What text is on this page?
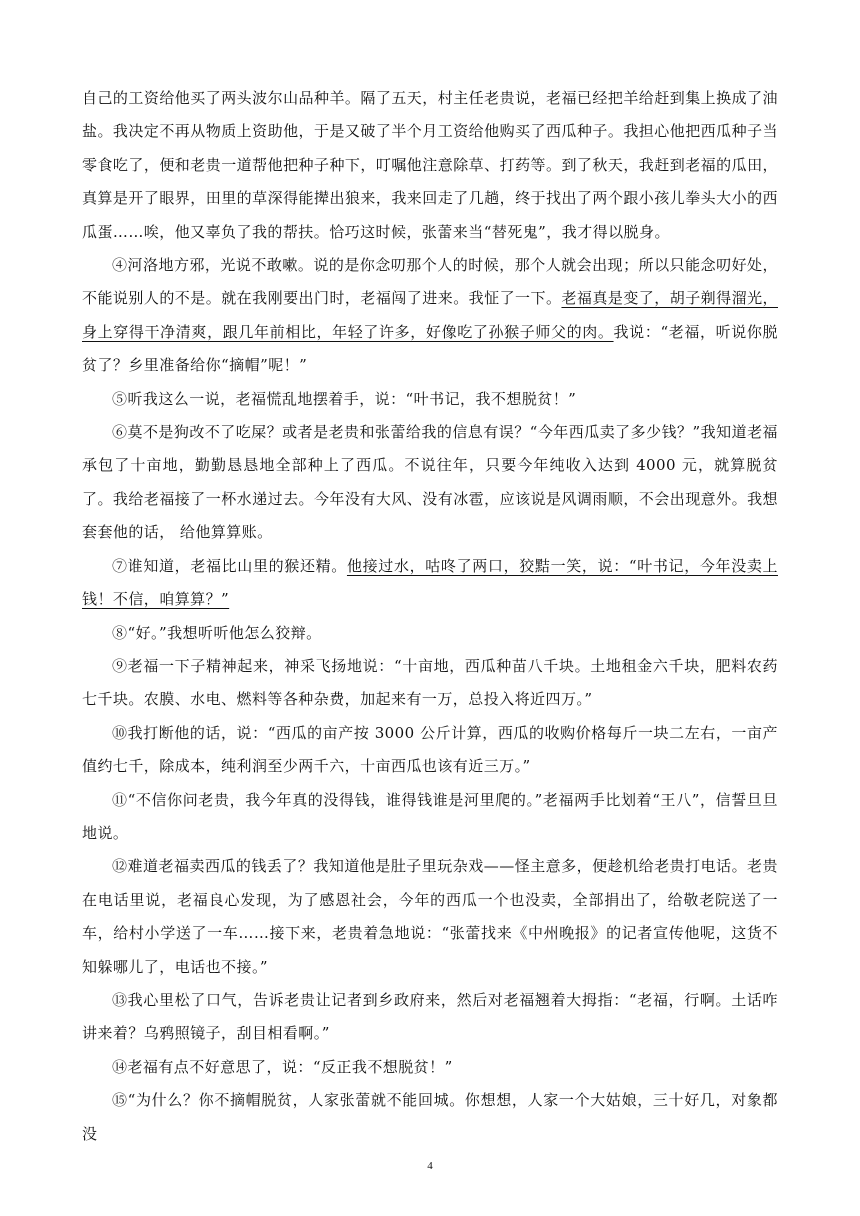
自己的工资给他买了两头波尔山品种羊。隔了五天，村主任老贵说，老福已经把羊给赶到集上换成了油盐。我决定不再从物质上资助他，于是又破了半个月工资给他购买了西瓜种子。我担心他把西瓜种子当零食吃了，便和老贵一道帮他把种子种下，叮嘱他注意除草、打药等。到了秋天，我赶到老福的瓜田，真算是开了眼界，田里的草深得能撵出狼来，我来回走了几趟，终于找出了两个跟小孩儿拳头大小的西瓜蛋……唉，他又辜负了我的帮扶。恰巧这时候，张蕾来当“替死鬼”，我才得以脱身。

④河洛地方邪，光说不敢嗽。说的是你念叨那个人的时候，那个人就会出现；所以只能念叨好处，不能说别人的不是。就在我刚要出门时，老福闯了进来。我怔了一下。老福真是变了，胡子剃得溜光，身上穿得干净清爽，跟几年前相比，年轻了许多，好像吃了孙猴子师父的肉。我说：“老福，听说你脱贫了？乡里准备给你“摘帽”呢！”

⑤听我这么一说，老福慌乱地摆着手，说：“叶书记，我不想脱贫！”

⑥莫不是狗改不了吃屎？或者是老贵和张蕾给我的信息有误？“今年西瓜卖了多少钱？”我知道老福承包了十亩地，勤勤恳恳地全部种上了西瓜。不说往年，只要今年纯收入达到 4000 元，就算脱贫了。我给老福接了一杯水递过去。今年没有大风、没有冰雹，应该说是风调雨顺，不会出现意外。我想套套他的话， 给他算算账。

⑦谁知道，老福比山里的猴还精。他接过水，咕咚了两口，狡黠一笑，说：“叶书记，今年没卖上钱！不信，咱算算？”

⑧“好。”我想听听他怎么狡辩。

⑨老福一下子精神起来，神采飞扬地说：“十亩地，西瓜种苗八千块。土地租金六千块，肥料农药七千块。农膜、水电、燃料等各种杂费，加起来有一万，总投入将近四万。”

⑩我打断他的话，说：“西瓜的亩产按 3000 公斤计算，西瓜的收购价格每斤一块二左右，一亩产值约七千，除成本，纯利润至少两千六，十亩西瓜也该有近三万。”

⑪“不信你问老贵，我今年真的没得钱，谁得钱谁是河里爬的。”老福两手比划着“王八”，信誓旦旦地说。

⑫难道老福卖西瓜的钱丢了？我知道他是肚子里玩杂戏——怪主意多，便趁机给老贵打电话。老贵在电话里说，老福良心发现，为了感恩社会，今年的西瓜一个也没卖，全部捐出了，给敬老院送了一车，给村小学送了一车……接下来，老贵着急地说：“张蕾找来《中州晚报》的记者宣传他呢，这货不知躲哪儿了，电话也不接。”

⑬我心里松了口气，告诉老贵让记者到乡政府来，然后对老福翘着大拇指：“老福，行啊。土话咋讲来着？乌鸦照镜子，刮目相看啊。”

⑭老福有点不好意思了，说：“反正我不想脱贫！”

⑮“为什么？你不摘帽脱贫，人家张蕾就不能回城。你想想，人家一个大姑娘，三十好几，对象都没

4
